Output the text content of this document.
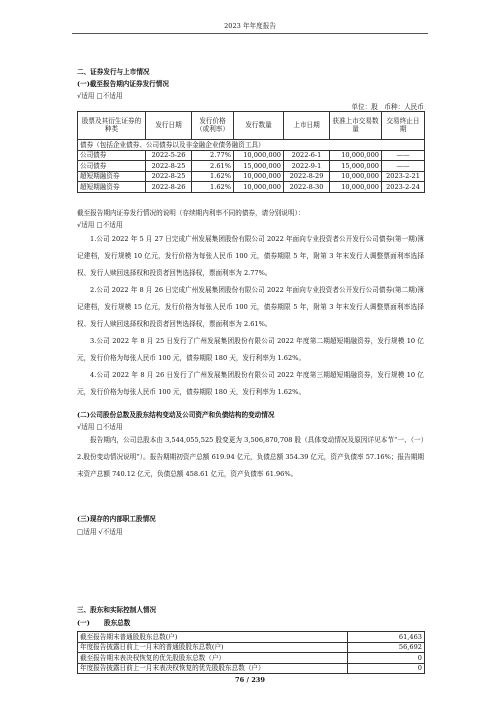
2023 年年度报告
二、证券发行与上市情况
(一)截至报告期内证券发行情况
√适用 □不适用
单位：股　币种：人民币
股票及其衍生证券的种类	发行日期	发行价格（或利率）	发行数量	上市日期	获准上市交易数量	交易终止日期
债券（包括企业债券、公司债券以及非金融企业债务融资工具）						
公司债券	2022-5-26	2.77%	10,000,000	2022-6-1	10,000,000	——
公司债券	2022-8-25	2.61%	15,000,000	2022-9-1	15,000,000	——
超短期融资券	2022-8-25	1.62%	10,000,000	2022-8-29	10,000,000	2023-2-21
超短期融资券	2022-8-26	1.62%	10,000,000	2022-8-30	10,000,000	2023-2-24
截至报告期内证券发行情况的说明（存续期内利率不同的债券，请分别说明）：
√适用 □不适用
1.公司 2022 年 5 月 27 日完成广州发展集团股份有限公司 2022 年面向专业投资者公开发行公司债券(第一期)簿记建档，发行规模 10 亿元，发行价格为每张人民币 100 元，债券期限 5 年，附第 3 年末发行人调整票面利率选择权、发行人赎回选择权和投资者回售选择权，票面利率为 2.77%。
2.公司 2022 年 8 月 26 日完成广州发展集团股份有限公司 2022 年面向专业投资者公开发行公司债券(第二期)簿记建档，发行规模 15 亿元，发行价格为每张人民币 100 元，债券期限 5 年，附第 3 年末发行人调整票面利率选择权、发行人赎回选择权和投资者回售选择权，票面利率为 2.61%。
3.公司 2022 年 8 月 25 日发行了广州发展集团股份有限公司 2022 年度第二期超短期融资券，发行规模 10 亿元，发行价格为每张人民币 100 元，债券期限 180 天，发行利率为 1.62%。
4.公司 2022 年 8 月 26 日发行了广州发展集团股份有限公司 2022 年度第三期超短期融资券，发行规模 10 亿元，发行价格为每张人民币 100 元，债券期限 180 天，发行利率为 1.62%。
(二)公司股份总数及股东结构变动及公司资产和负债结构的变动情况
√适用 □不适用
报告期内，公司总股本由 3,544,055,525 股变更为 3,506,870,708 股（具体变动情况及原因详见本节“一、（一）2.股份变动情况说明”）。报告期期初资产总额 619.94 亿元，负债总额 354.39 亿元，资产负债率 57.16%；报告期期末资产总额 740.12 亿元，负债总额 458.61 亿元，资产负债率 61.96%。
(三)现存的内部职工股情况
□适用 √不适用
三、股东和实际控制人情况
(一) 股东总数
截至报告期末普通股股东总数(户)	61,463
年度报告披露日前上一月末的普通股股东总数(户)	56,692
截至报告期末表决权恢复的优先股股东总数（户）	0
年度报告披露日前上一月末表决权恢复的优先股股东总数（户）	0
76 / 239
